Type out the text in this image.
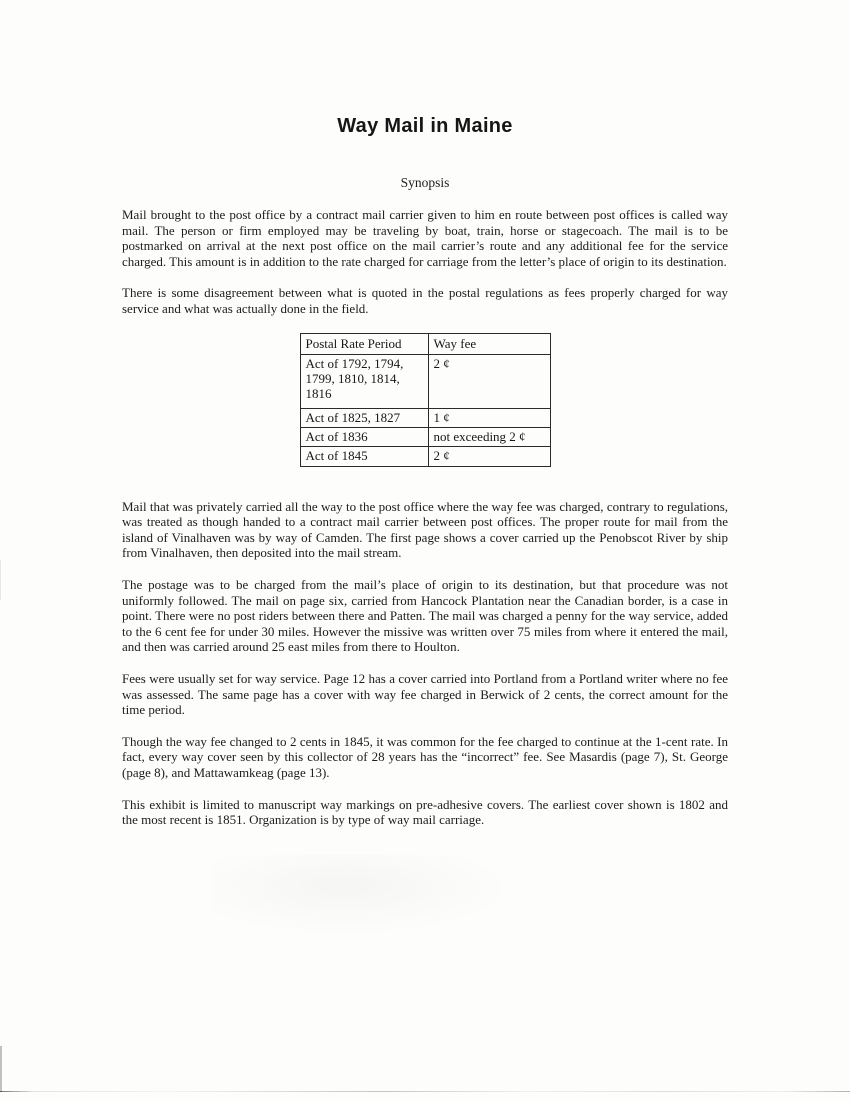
Way Mail in Maine
Synopsis

Mail brought to the post office by a contract mail carrier given to him en route between post offices is called way mail. The person or firm employed may be traveling by boat, train, horse or stagecoach. The mail is to be postmarked on arrival at the next post office on the mail carrier’s route and any additional fee for the service charged. This amount is in addition to the rate charged for carriage from the letter’s place of origin to its destination.

There is some disagreement between what is quoted in the postal regulations as fees properly charged for way service and what was actually done in the field.

Postal Rate Period	Way fee
Act of 1792, 1794, 1799, 1810, 1814, 1816	2 ¢
Act of 1825, 1827	1 ¢
Act of 1836	not exceeding 2 ¢
Act of 1845	2 ¢

Mail that was privately carried all the way to the post office where the way fee was charged, contrary to regulations, was treated as though handed to a contract mail carrier between post offices. The proper route for mail from the island of Vinalhaven was by way of Camden. The first page shows a cover carried up the Penobscot River by ship from Vinalhaven, then deposited into the mail stream.

The postage was to be charged from the mail’s place of origin to its destination, but that procedure was not uniformly followed. The mail on page six, carried from Hancock Plantation near the Canadian border, is a case in point. There were no post riders between there and Patten. The mail was charged a penny for the way service, added to the 6 cent fee for under 30 miles. However the missive was written over 75 miles from where it entered the mail, and then was carried around 25 east miles from there to Houlton.

Fees were usually set for way service. Page 12 has a cover carried into Portland from a Portland writer where no fee was assessed. The same page has a cover with way fee charged in Berwick of 2 cents, the correct amount for the time period.

Though the way fee changed to 2 cents in 1845, it was common for the fee charged to continue at the 1-cent rate. In fact, every way cover seen by this collector of 28 years has the “incorrect” fee. See Masardis (page 7), St. George (page 8), and Mattawamkeag (page 13).

This exhibit is limited to manuscript way markings on pre-adhesive covers. The earliest cover shown is 1802 and the most recent is 1851. Organization is by type of way mail carriage.
